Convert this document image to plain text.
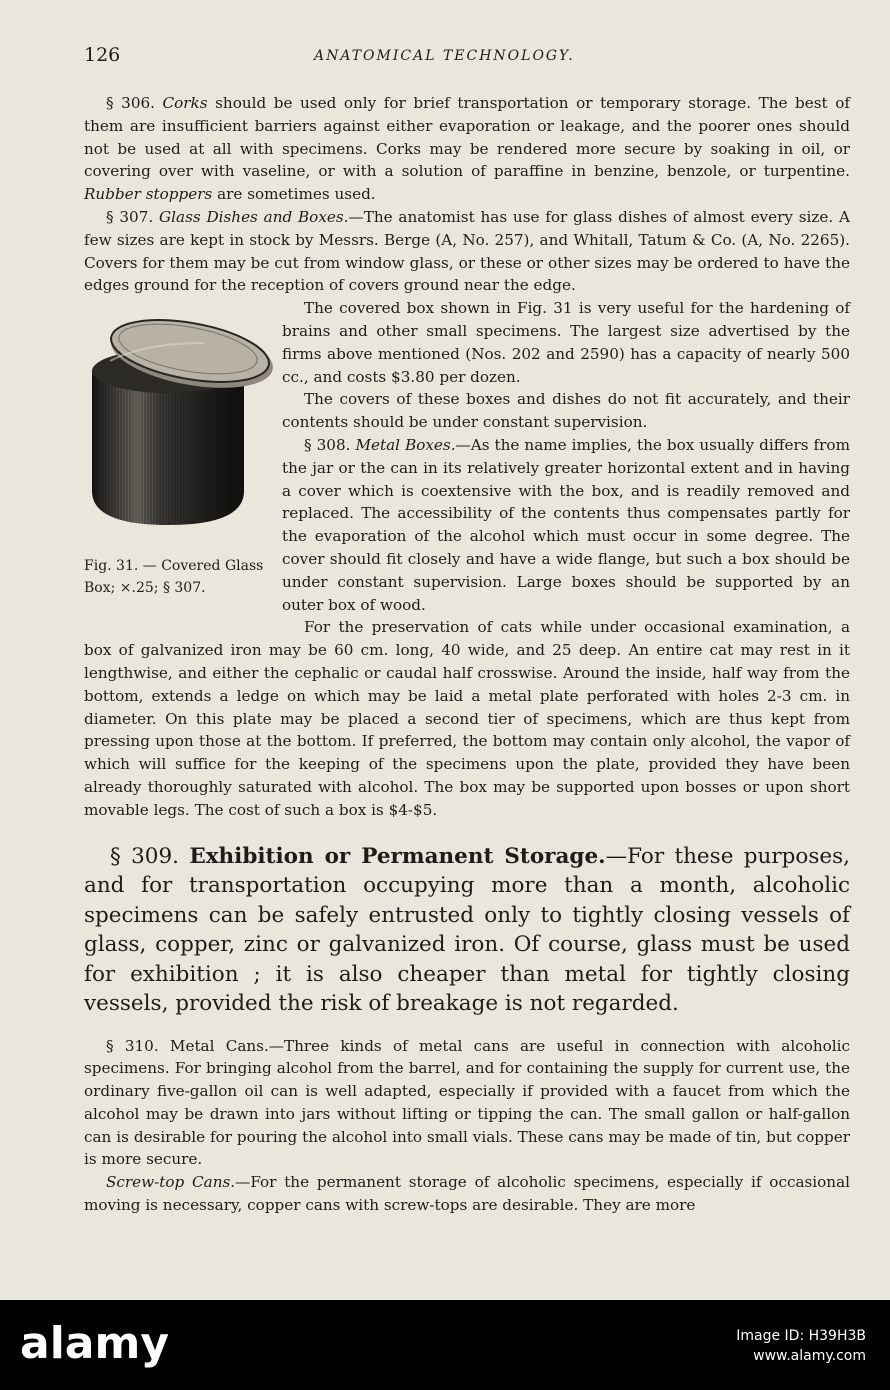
126	ANATOMICAL TECHNOLOGY.

§ 306. Corks should be used only for brief transportation or temporary storage. The best of them are insufficient barriers against either evaporation or leakage, and the poorer ones should not be used at all with specimens. Corks may be rendered more secure by soaking in oil, or covering over with vaseline, or with a solution of paraffine in benzine, benzole, or turpentine. Rubber stoppers are sometimes used.

§ 307. Glass Dishes and Boxes.—The anatomist has use for glass dishes of almost every size. A few sizes are kept in stock by Messrs. Berge (A, No. 257), and Whitall, Tatum & Co. (A, No. 2265). Covers for them may be cut from window glass, or these or other sizes may be ordered to have the edges ground for the reception of covers ground near the edge.

Fig. 31. — Covered Glass Box; ×.25; § 307.

The covered box shown in Fig. 31 is very useful for the hardening of brains and other small specimens. The largest size advertised by the firms above mentioned (Nos. 202 and 2590) has a capacity of nearly 500 cc., and costs $3.80 per dozen.

The covers of these boxes and dishes do not fit accurately, and their contents should be under constant supervision.

§ 308. Metal Boxes.—As the name implies, the box usually differs from the jar or the can in its relatively greater horizontal extent and in having a cover which is coextensive with the box, and is readily removed and replaced. The accessibility of the contents thus compensates partly for the evaporation of the alcohol which must occur in some degree. The cover should fit closely and have a wide flange, but such a box should be under constant supervision. Large boxes should be supported by an outer box of wood.

For the preservation of cats while under occasional examination, a box of galvanized iron may be 60 cm. long, 40 wide, and 25 deep. An entire cat may rest in it lengthwise, and either the cephalic or caudal half crosswise. Around the inside, half way from the bottom, extends a ledge on which may be laid a metal plate perforated with holes 2-3 cm. in diameter. On this plate may be placed a second tier of specimens, which are thus kept from pressing upon those at the bottom. If preferred, the bottom may contain only alcohol, the vapor of which will suffice for the keeping of the specimens upon the plate, provided they have been already thoroughly saturated with alcohol. The box may be supported upon bosses or upon short movable legs. The cost of such a box is $4-$5.

§ 309. Exhibition or Permanent Storage.—For these purposes, and for transportation occupying more than a month, alcoholic specimens can be safely entrusted only to tightly closing vessels of glass, copper, zinc or galvanized iron. Of course, glass must be used for exhibition ; it is also cheaper than metal for tightly closing vessels, provided the risk of breakage is not regarded.

§ 310. Metal Cans.—Three kinds of metal cans are useful in connection with alcoholic specimens. For bringing alcohol from the barrel, and for containing the supply for current use, the ordinary five-gallon oil can is well adapted, especially if provided with a faucet from which the alcohol may be drawn into jars without lifting or tipping the can. The small gallon or half-gallon can is desirable for pouring the alcohol into small vials. These cans may be made of tin, but copper is more secure.

Screw-top Cans.—For the permanent storage of alcoholic specimens, especially if occasional moving is necessary, copper cans with screw-tops are desirable. They are more

alamy	Image ID: H39H3B
www.alamy.com
